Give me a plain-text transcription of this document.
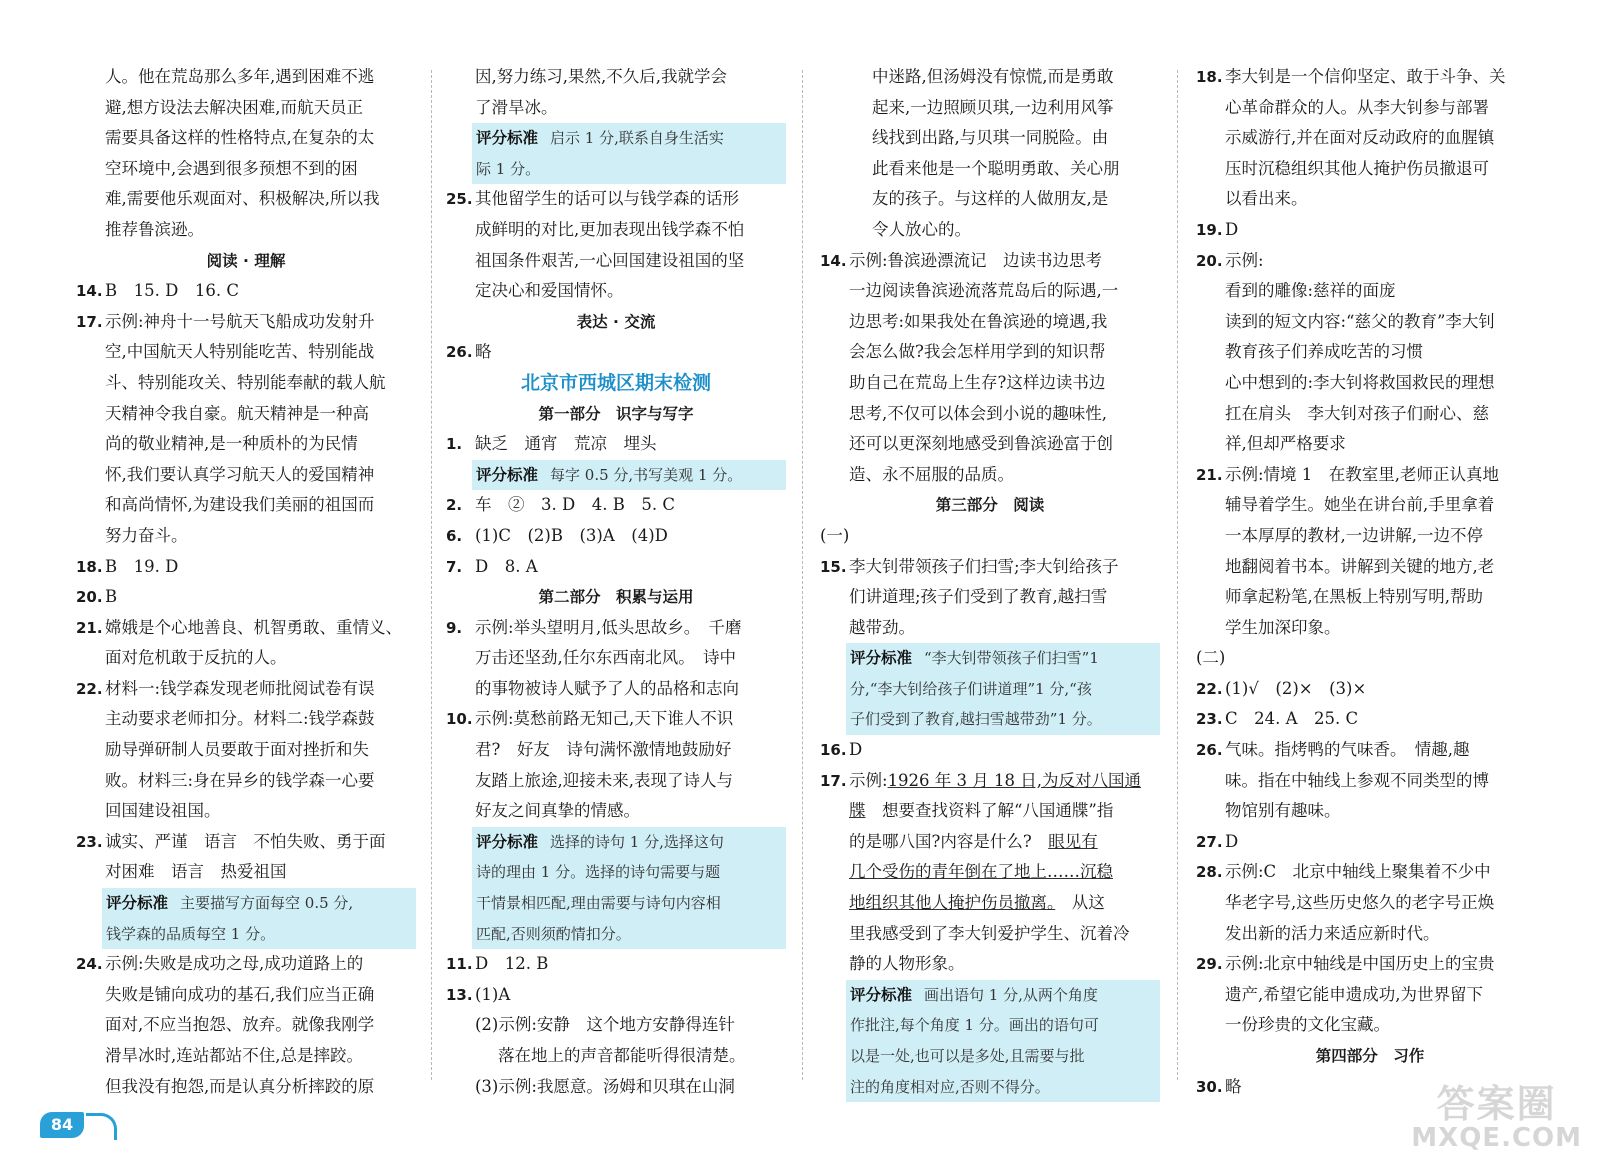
人。他在荒岛那么多年,遇到困难不逃
避,想方设法去解决困难,而航天员正
需要具备这样的性格特点,在复杂的太
空环境中,会遇到很多预想不到的困
难,需要他乐观面对、积极解决,所以我
推荐鲁滨逊。
阅读 · 理解
14. B　15. D　16. C
17. 示例:神舟十一号航天飞船成功发射升
空,中国航天人特别能吃苦、特别能战
斗、特别能攻关、特别能奉献的载人航
天精神令我自豪。航天精神是一种高
尚的敬业精神,是一种质朴的为民情
怀,我们要认真学习航天人的爱国精神
和高尚情怀,为建设我们美丽的祖国而
努力奋斗。
18. B　19. D
20. B
21. 嫦娥是个心地善良、机智勇敢、重情义、
面对危机敢于反抗的人。
22. 材料一:钱学森发现老师批阅试卷有误
主动要求老师扣分。材料二:钱学森鼓
励导弹研制人员要敢于面对挫折和失
败。材料三:身在异乡的钱学森一心要
回国建设祖国。
23. 诚实、严谨　语言　不怕失败、勇于面
对困难　语言　热爱祖国
评分标准 主要描写方面每空 0.5 分,
钱学森的品质每空 1 分。
24. 示例:失败是成功之母,成功道路上的
失败是铺向成功的基石,我们应当正确
面对,不应当抱怨、放弃。就像我刚学
滑旱冰时,连站都站不住,总是摔跤。
但我没有抱怨,而是认真分析摔跤的原
因,努力练习,果然,不久后,我就学会
了滑旱冰。
评分标准 启示 1 分,联系自身生活实
际 1 分。
25. 其他留学生的话可以与钱学森的话形
成鲜明的对比,更加表现出钱学森不怕
祖国条件艰苦,一心回国建设祖国的坚
定决心和爱国情怀。
表达 · 交流
26. 略
北京市西城区期末检测
第一部分　识字与写字
1. 缺乏　通宵　荒凉　埋头
评分标准 每字 0.5 分,书写美观 1 分。
2. 车　②　3. D　4. B　5. C
6. (1)C　(2)B　(3)A　(4)D
7. D　8. A
第二部分　积累与运用
9. 示例:举头望明月,低头思故乡。　千磨
万击还坚劲,任尔东西南北风。　诗中
的事物被诗人赋予了人的品格和志向
10. 示例:莫愁前路无知己,天下谁人不识
君?　好友　诗句满怀激情地鼓励好
友踏上旅途,迎接未来,表现了诗人与
好友之间真挚的情感。
评分标准 选择的诗句 1 分,选择这句
诗的理由 1 分。选择的诗句需要与题
干情景相匹配,理由需要与诗句内容相
匹配,否则须酌情扣分。
11. D　12. B
13. (1)A
(2)示例:安静　这个地方安静得连针
落在地上的声音都能听得很清楚。
(3)示例:我愿意。汤姆和贝琪在山洞
中迷路,但汤姆没有惊慌,而是勇敢
起来,一边照顾贝琪,一边利用风筝
线找到出路,与贝琪一同脱险。由
此看来他是一个聪明勇敢、关心朋
友的孩子。与这样的人做朋友,是
令人放心的。
14. 示例:鲁滨逊漂流记　边读书边思考
一边阅读鲁滨逊流落荒岛后的际遇,一
边思考:如果我处在鲁滨逊的境遇,我
会怎么做?我会怎样用学到的知识帮
助自己在荒岛上生存?这样边读书边
思考,不仅可以体会到小说的趣味性,
还可以更深刻地感受到鲁滨逊富于创
造、永不屈服的品质。
第三部分　阅读
(一)
15. 李大钊带领孩子们扫雪;李大钊给孩子
们讲道理;孩子们受到了教育,越扫雪
越带劲。
评分标准 “李大钊带领孩子们扫雪”1
分,“李大钊给孩子们讲道理”1 分,“孩
子们受到了教育,越扫雪越带劲”1 分。
16. D
17. 示例:1926 年 3 月 18 日,为反对八国通
牒　想要查找资料了解“八国通牒”指
的是哪八国?内容是什么?　眼见有
几个受伤的青年倒在了地上……沉稳
地组织其他人掩护伤员撤离。　从这
里我感受到了李大钊爱护学生、沉着冷
静的人物形象。
评分标准 画出语句 1 分,从两个角度
作批注,每个角度 1 分。画出的语句可
以是一处,也可以是多处,且需要与批
注的角度相对应,否则不得分。
18. 李大钊是一个信仰坚定、敢于斗争、关
心革命群众的人。从李大钊参与部署
示威游行,并在面对反动政府的血腥镇
压时沉稳组织其他人掩护伤员撤退可
以看出来。
19. D
20. 示例:
看到的雕像:慈祥的面庞
读到的短文内容:“慈父的教育”李大钊
教育孩子们养成吃苦的习惯
心中想到的:李大钊将救国救民的理想
扛在肩头　李大钊对孩子们耐心、慈
祥,但却严格要求
21. 示例:情境 1　在教室里,老师正认真地
辅导着学生。她坐在讲台前,手里拿着
一本厚厚的教材,一边讲解,一边不停
地翻阅着书本。讲解到关键的地方,老
师拿起粉笔,在黑板上特别写明,帮助
学生加深印象。
(二)
22. (1)√　(2)×　(3)×
23. C　24. A　25. C
26. 气味。指烤鸭的气味香。　情趣,趣
味。指在中轴线上参观不同类型的博
物馆别有趣味。
27. D
28. 示例:C　北京中轴线上聚集着不少中
华老字号,这些历史悠久的老字号正焕
发出新的活力来适应新时代。
29. 示例:北京中轴线是中国历史上的宝贵
遗产,希望它能申遗成功,为世界留下
一份珍贵的文化宝藏。
第四部分　习作
30. 略
84	答案圈
MXQE.COM
